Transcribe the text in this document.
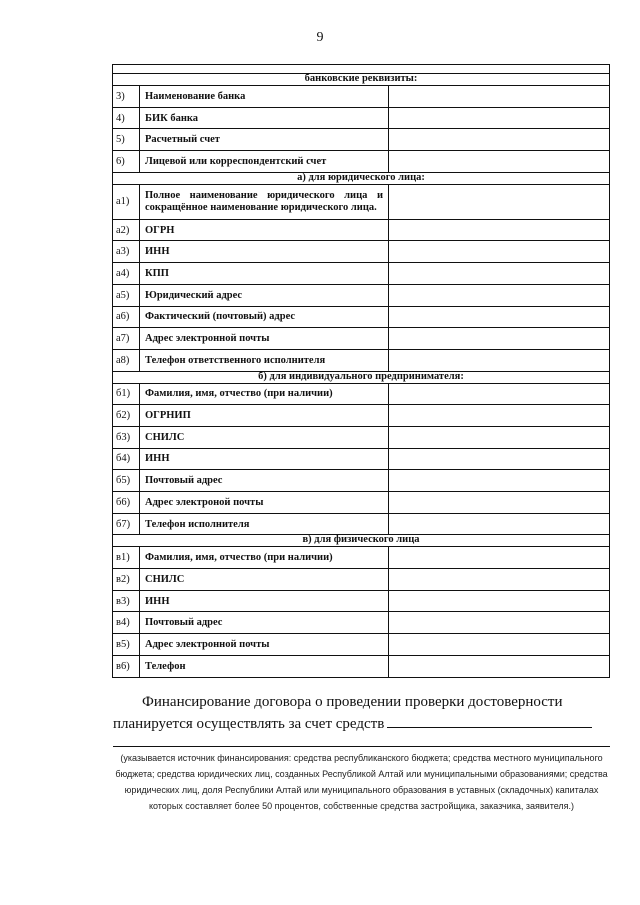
9

банковские реквизиты:		
3)	Наименование банка	
4)	БИК банка	
5)	Расчетный счет	
6)	Лицевой или корреспондентский счет	
а) для юридического лица:		
а1)	Полное наименование юридического лица и сокращённое наименование юридического лица.	
а2)	ОГРН	
а3)	ИНН	
а4)	КПП	
а5)	Юридический адрес	
а6)	Фактический (почтовый) адрес	
а7)	Адрес электронной почты	
а8)	Телефон ответственного исполнителя	
б) для индивидуального предпринимателя:		
б1)	Фамилия, имя, отчество (при наличии)	
б2)	ОГРНИП	
б3)	СНИЛС	
б4)	ИНН	
б5)	Почтовый адрес	
б6)	Адрес электроной почты	
б7)	Телефон исполнителя	
в) для физического лица		
в1)	Фамилия, имя, отчество (при наличии)	
в2)	СНИЛС	
в3)	ИНН	
в4)	Почтовый адрес	
в5)	Адрес электронной почты	
в6)	Телефон	
Финансирование договора о проведении проверки достоверности
планируется осуществлять за счет средств
(указывается источник финансирования: средства республиканского бюджета; средства местного муниципального бюджета; средства юридических лиц, созданных Республикой Алтай или муниципальными образованиями; средства юридических лиц, доля Республики Алтай или муниципального образования в уставных (складочных) капиталах которых составляет более 50 процентов, собственные средства застройщика, заказчика, заявителя.)
